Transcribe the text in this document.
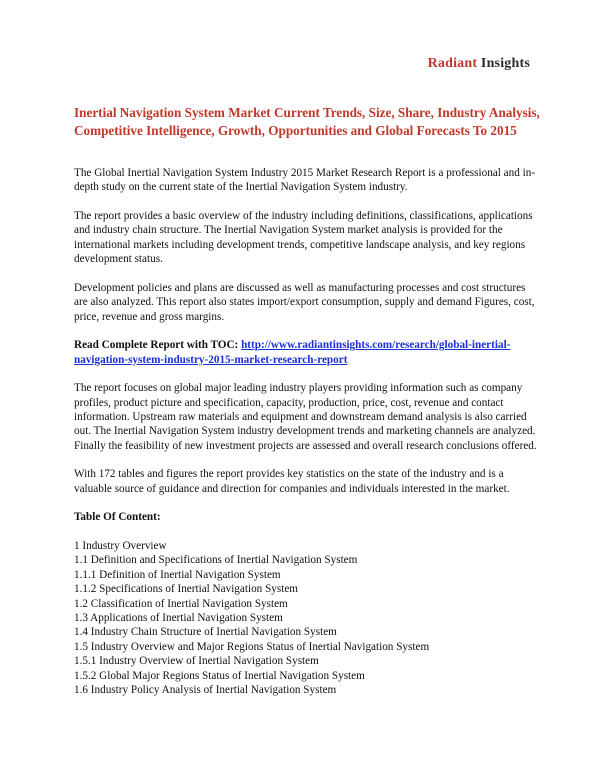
Radiant Insights
Inertial Navigation System Market Current Trends, Size, Share, Industry Analysis, Competitive Intelligence, Growth, Opportunities and Global Forecasts To 2015

The Global Inertial Navigation System Industry 2015 Market Research Report is a professional and in-depth study on the current state of the Inertial Navigation System industry.

The report provides a basic overview of the industry including definitions, classifications, applications and industry chain structure. The Inertial Navigation System market analysis is provided for the international markets including development trends, competitive landscape analysis, and key regions development status.

Development policies and plans are discussed as well as manufacturing processes and cost structures are also analyzed. This report also states import/export consumption, supply and demand Figures, cost, price, revenue and gross margins.

Read Complete Report with TOC: http://www.radiantinsights.com/research/global-inertial-navigation-system-industry-2015-market-research-report

The report focuses on global major leading industry players providing information such as company profiles, product picture and specification, capacity, production, price, cost, revenue and contact information. Upstream raw materials and equipment and downstream demand analysis is also carried out. The Inertial Navigation System industry development trends and marketing channels are analyzed. Finally the feasibility of new investment projects are assessed and overall research conclusions offered.

With 172 tables and figures the report provides key statistics on the state of the industry and is a valuable source of guidance and direction for companies and individuals interested in the market.

Table Of Content:
1 Industry Overview
1.1 Definition and Specifications of Inertial Navigation System
1.1.1 Definition of Inertial Navigation System
1.1.2 Specifications of Inertial Navigation System
1.2 Classification of Inertial Navigation System
1.3 Applications of Inertial Navigation System
1.4 Industry Chain Structure of Inertial Navigation System
1.5 Industry Overview and Major Regions Status of Inertial Navigation System
1.5.1 Industry Overview of Inertial Navigation System
1.5.2 Global Major Regions Status of Inertial Navigation System
1.6 Industry Policy Analysis of Inertial Navigation System
